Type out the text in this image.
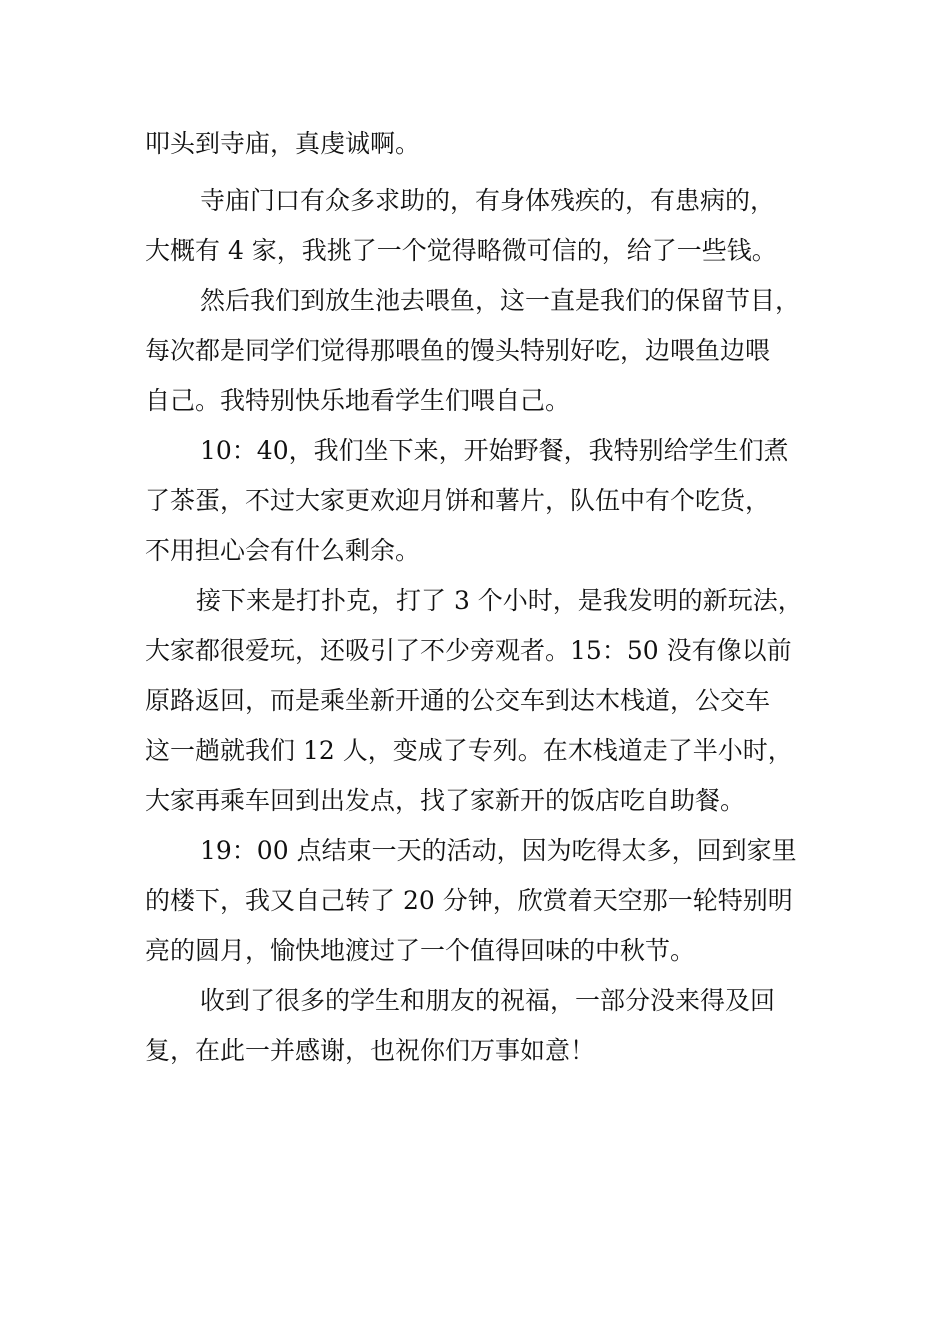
叩头到寺庙，真虔诚啊。
寺庙门口有众多求助的，有身体残疾的，有患病的，
大概有 4 家，我挑了一个觉得略微可信的，给了一些钱。
然后我们到放生池去喂鱼，这一直是我们的保留节目，
每次都是同学们觉得那喂鱼的馒头特别好吃，边喂鱼边喂
自己。我特别快乐地看学生们喂自己。
10：40，我们坐下来，开始野餐，我特别给学生们煮
了茶蛋，不过大家更欢迎月饼和薯片，队伍中有个吃货，
不用担心会有什么剩余。
接下来是打扑克，打了 3 个小时，是我发明的新玩法，
大家都很爱玩，还吸引了不少旁观者。15：50 没有像以前
原路返回，而是乘坐新开通的公交车到达木栈道，公交车
这一趟就我们 12 人，变成了专列。在木栈道走了半小时，
大家再乘车回到出发点，找了家新开的饭店吃自助餐。
19：00 点结束一天的活动，因为吃得太多，回到家里
的楼下，我又自己转了 20 分钟，欣赏着天空那一轮特别明
亮的圆月，愉快地渡过了一个值得回味的中秋节。
收到了很多的学生和朋友的祝福，一部分没来得及回
复，在此一并感谢，也祝你们万事如意！
